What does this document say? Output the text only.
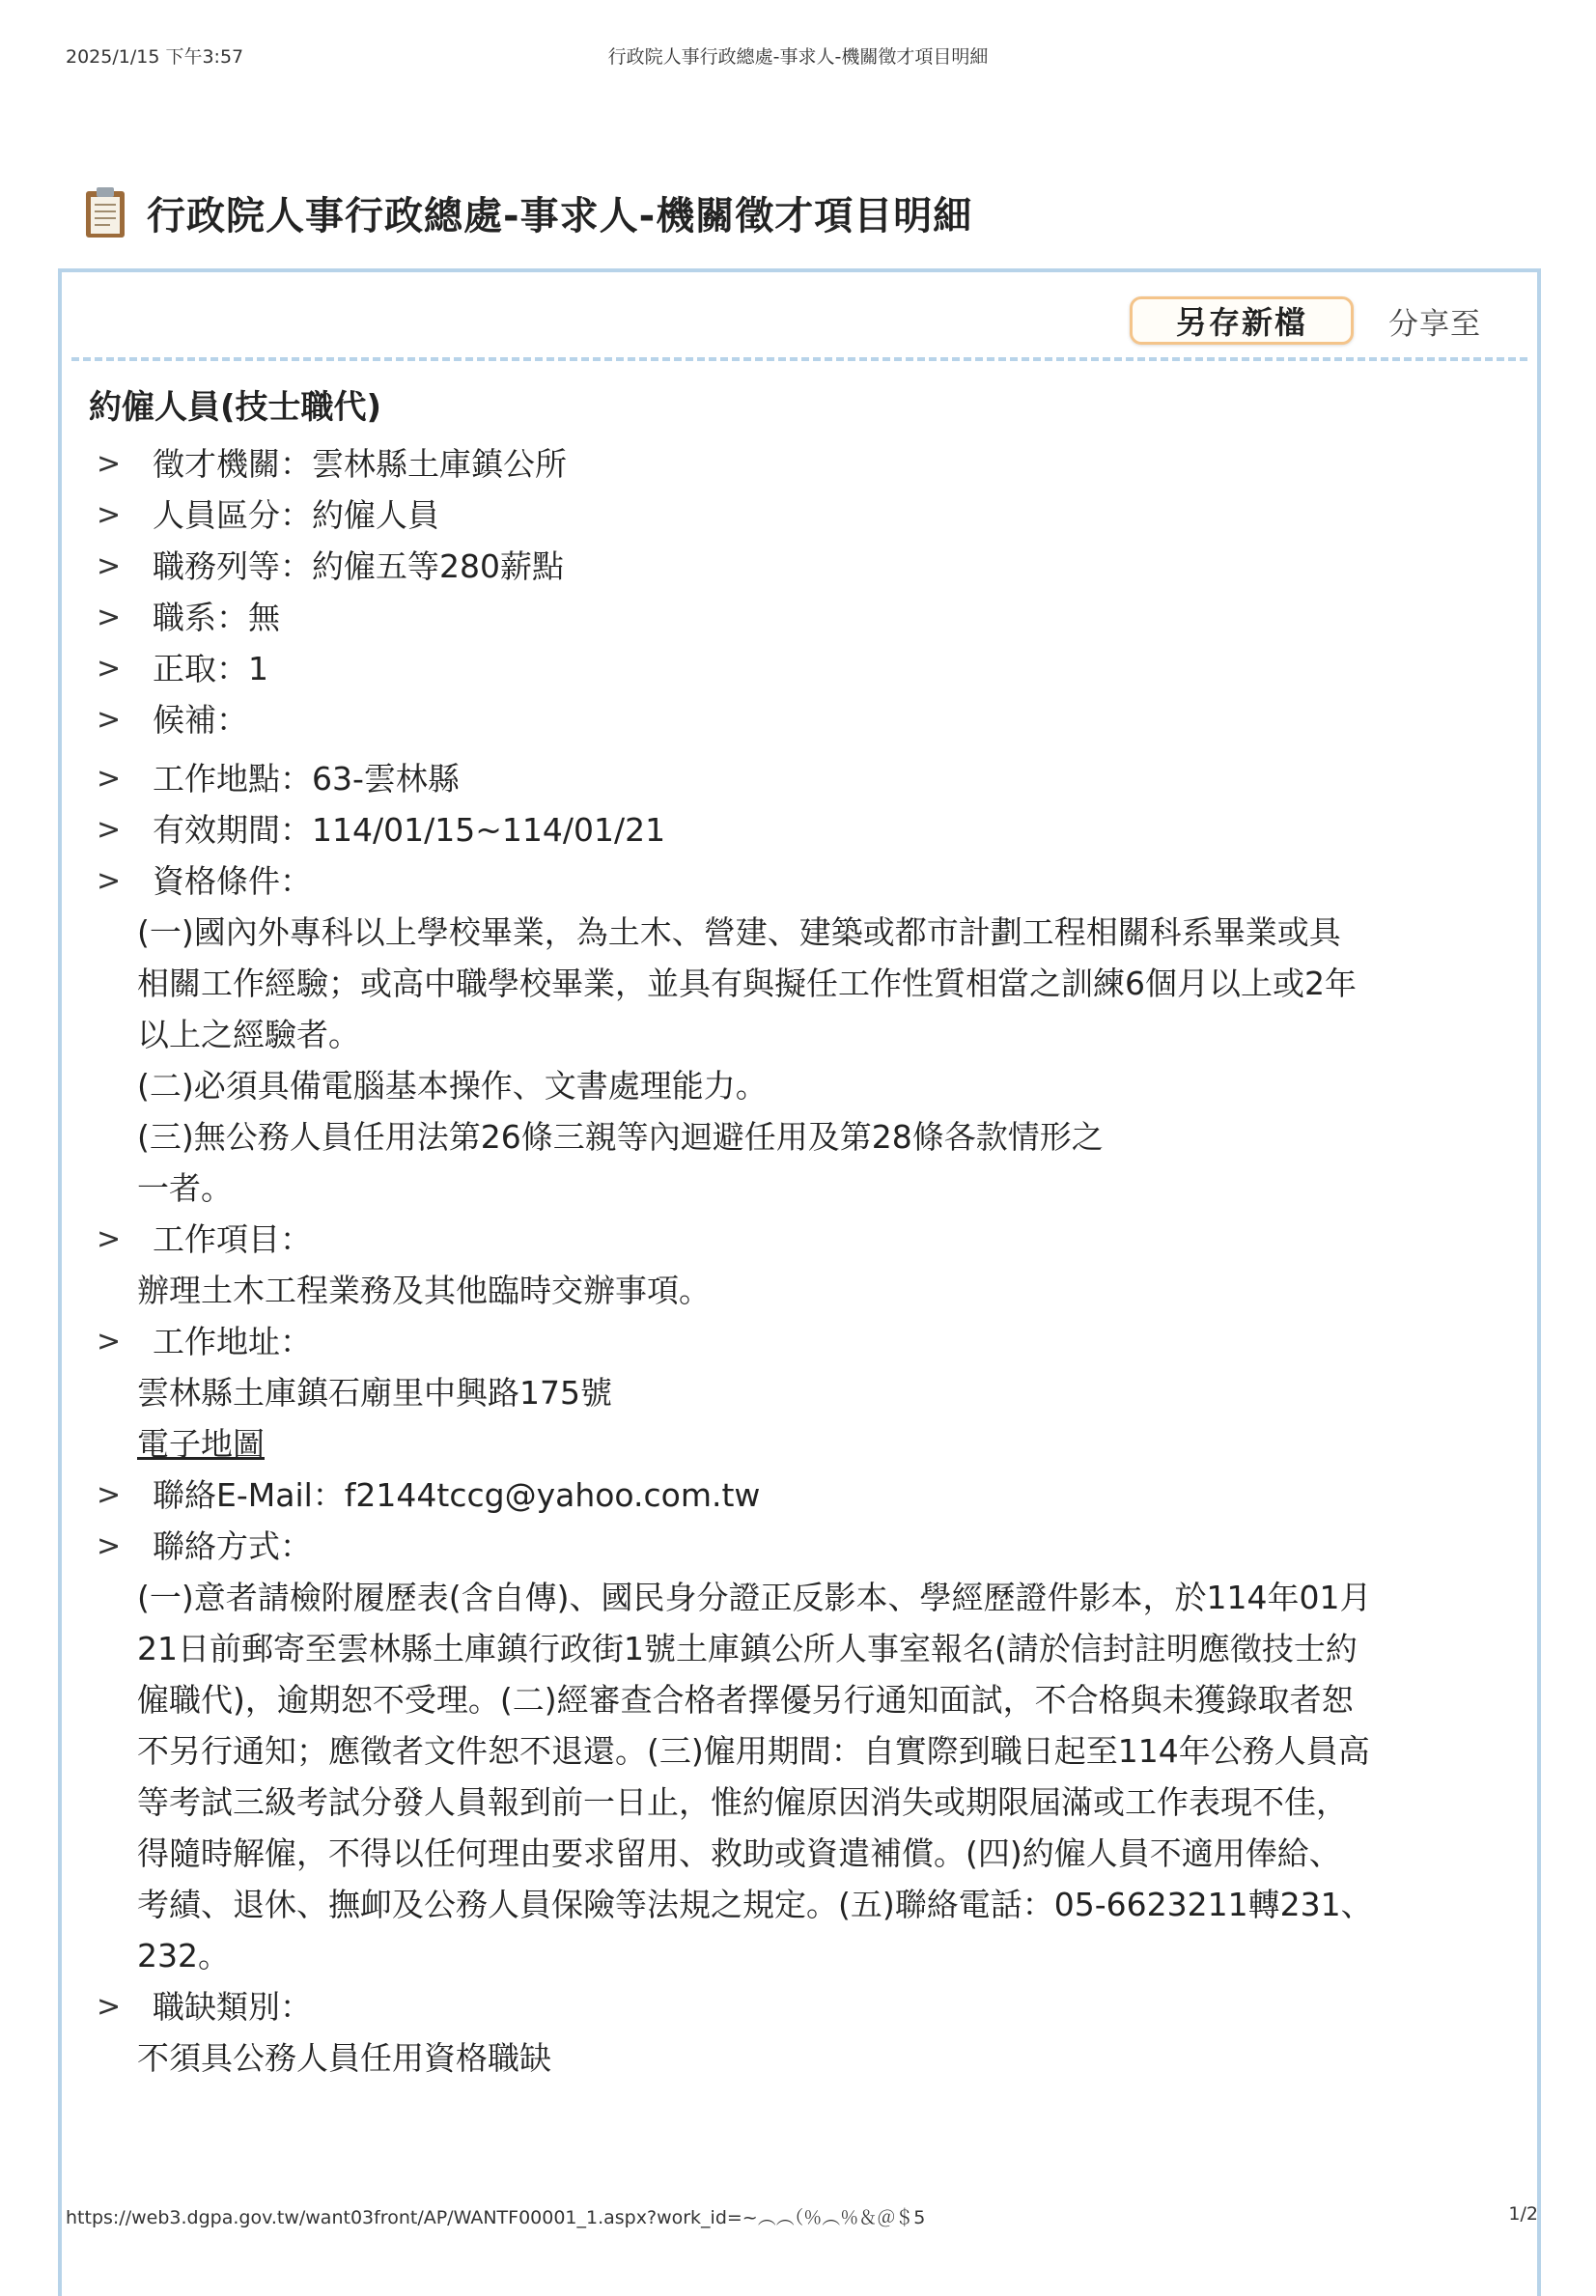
2025/1/15 下午3:57	行政院人事行政總處-事求人-機關徵才項目明細
行政院人事行政總處-事求人-機關徵才項目明細
另存新檔	分享至
約僱人員(技士職代)
> 徵才機關：雲林縣土庫鎮公所
> 人員區分：約僱人員
> 職務列等：約僱五等280薪點
> 職系：無
> 正取：1
> 候補：
> 工作地點：63-雲林縣
> 有效期間：114/01/15~114/01/21
> 資格條件：
(一)國內外專科以上學校畢業，為土木、營建、建築或都市計劃工程相關科系畢業或具
相關工作經驗；或高中職學校畢業，並具有與擬任工作性質相當之訓練6個月以上或2年
以上之經驗者。
(二)必須具備電腦基本操作、文書處理能力。
(三)無公務人員任用法第26條三親等內迴避任用及第28條各款情形之
一者。
> 工作項目：
辦理土木工程業務及其他臨時交辦事項。
> 工作地址：
雲林縣土庫鎮石廟里中興路175號
電子地圖
> 聯絡E-Mail：f2144tccg@yahoo.com.tw
> 聯絡方式：
(一)意者請檢附履歷表(含自傳)、國民身分證正反影本、學經歷證件影本，於114年01月
21日前郵寄至雲林縣土庫鎮行政街1號土庫鎮公所人事室報名(請於信封註明應徵技士約
僱職代)，逾期恕不受理。(二)經審查合格者擇優另行通知面試，不合格與未獲錄取者恕
不另行通知；應徵者文件恕不退還。(三)僱用期間：自實際到職日起至114年公務人員高
等考試三級考試分發人員報到前一日止，惟約僱原因消失或期限屆滿或工作表現不佳，
得隨時解僱，不得以任何理由要求留用、救助或資遣補償。(四)約僱人員不適用俸給、
考績、退休、撫卹及公務人員保險等法規之規定。(五)聯絡電話：05-6623211轉231、
232。
> 職缺類別：
不須具公務人員任用資格職缺
https://web3.dgpa.gov.tw/want03front/AP/WANTF00001_1.aspx?work_id=~︵︵（％︵％＆＠＄5	1/2
